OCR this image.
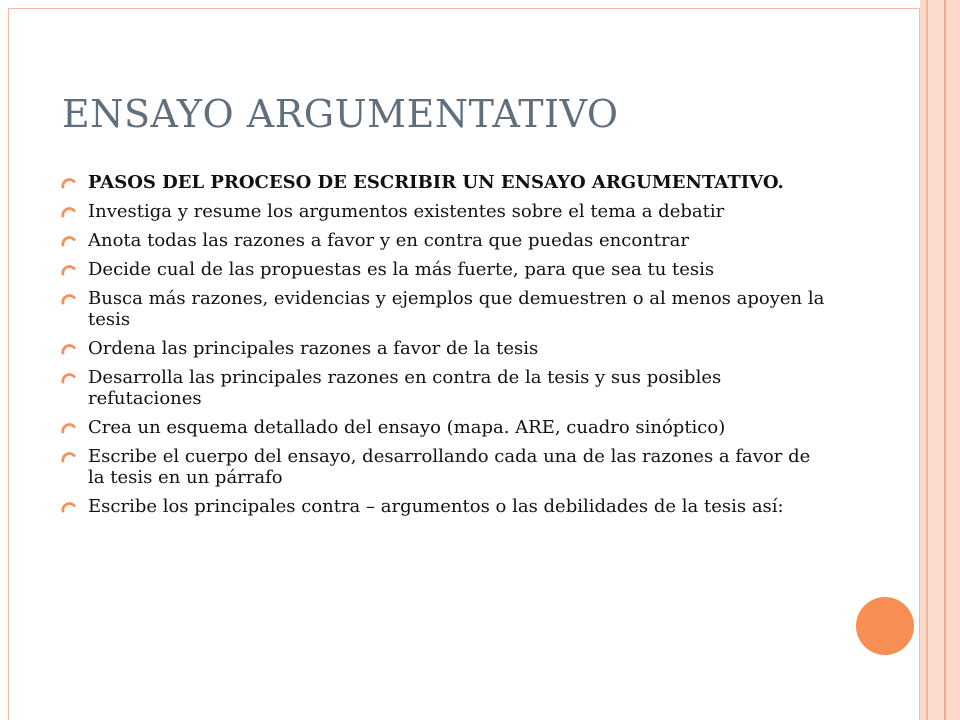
ENSAYO ARGUMENTATIVO
PASOS DEL PROCESO DE ESCRIBIR UN ENSAYO ARGUMENTATIVO.
Investiga y resume los argumentos existentes sobre el tema a debatir
Anota todas las razones a favor y en contra que puedas encontrar
Decide cual de las propuestas es la más fuerte, para que sea tu tesis
Busca más razones, evidencias y ejemplos que demuestren o al menos apoyen la tesis
Ordena las principales razones a favor de la tesis
Desarrolla las principales razones en contra de la tesis y sus posibles refutaciones
Crea un esquema detallado del ensayo (mapa. ARE, cuadro sinóptico)
Escribe el cuerpo del ensayo, desarrollando cada una de las razones a favor de la tesis en un párrafo
Escribe los principales contra – argumentos o las debilidades de la tesis así:
